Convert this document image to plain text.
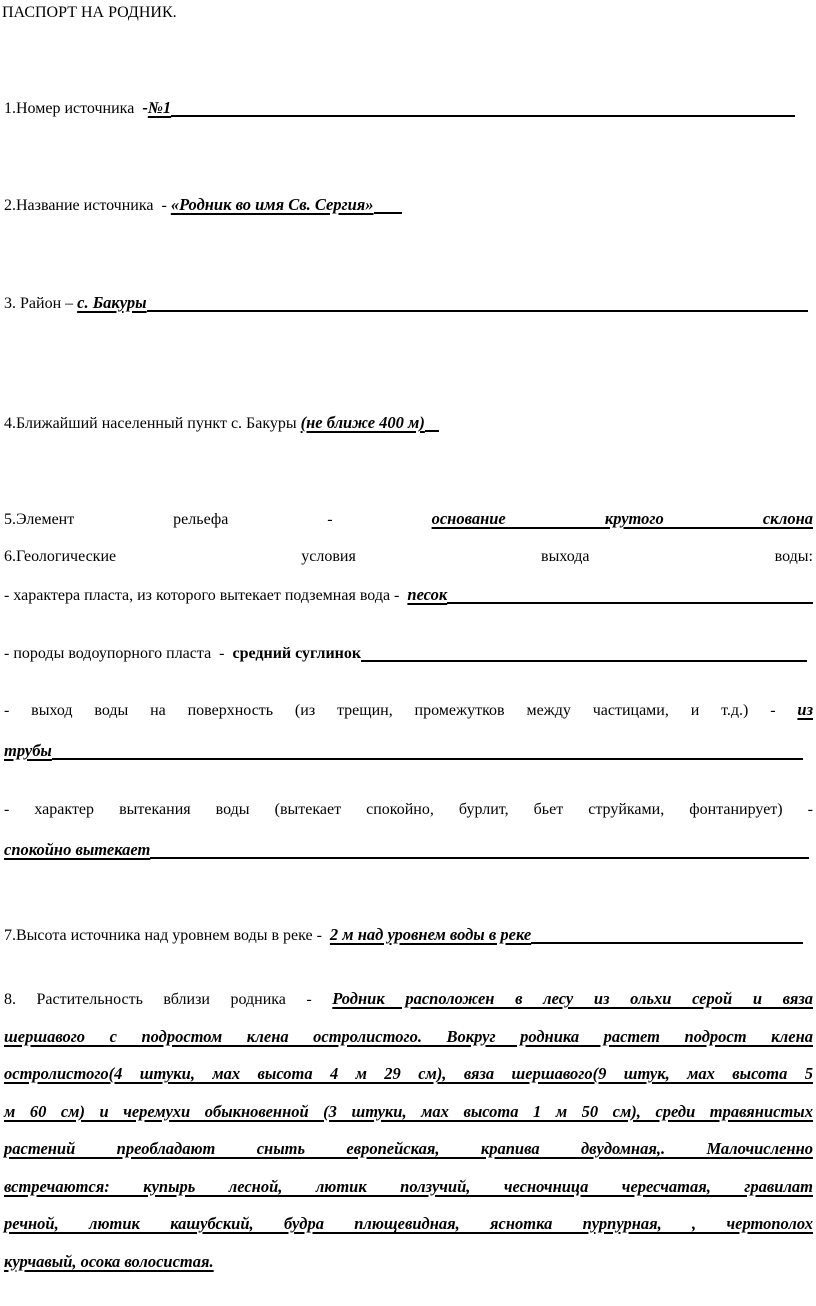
ПАСПОРТ НА РОДНИК.
1.Номер источника - №1
2.Название источника  - «Родник во имя Св. Сергия»
3. Район – с. Бакуры
4.Ближайший населенный пункт с. Бакуры (не ближе 400 м)
5.Элемент рельефа -	основание крутого склона
6.Геологические условия выхода воды:
- характера пласта, из которого вытекает подземная вода - песок
- породы водоупорного пласта  - средний суглинок
- выход воды на поверхность (из трещин, промежутков между частицами, и т.д.) - из
трубы
- характер вытекания воды (вытекает спокойно, бурлит, бьет струйками, фонтанирует) -
спокойно вытекает
7.Высота источника над уровнем воды в реке - 2 м над уровнем воды в реке
8. Растительность вблизи родника - Родник расположен в лесу из ольхи серой и вяза
шершавого с подростом клена остролистого. Вокруг родника растет подрост клена
остролистого(4 штуки, мах высота 4 м 29 см), вяза шершавого(9 штук, мах высота 5
м 60 см) и черемухи обыкновенной (3 штуки, мах высота 1 м 50 см), среди травянистых
растений преобладают сныть европейская, крапива двудомная,. Малочисленно
встречаются: купырь лесной, лютик ползучий, чесночница чересчатая, гравилат
речной, лютик кашубский, будра плющевидная, яснотка пурпурная, , чертополох
курчавый, осока волосистая.
